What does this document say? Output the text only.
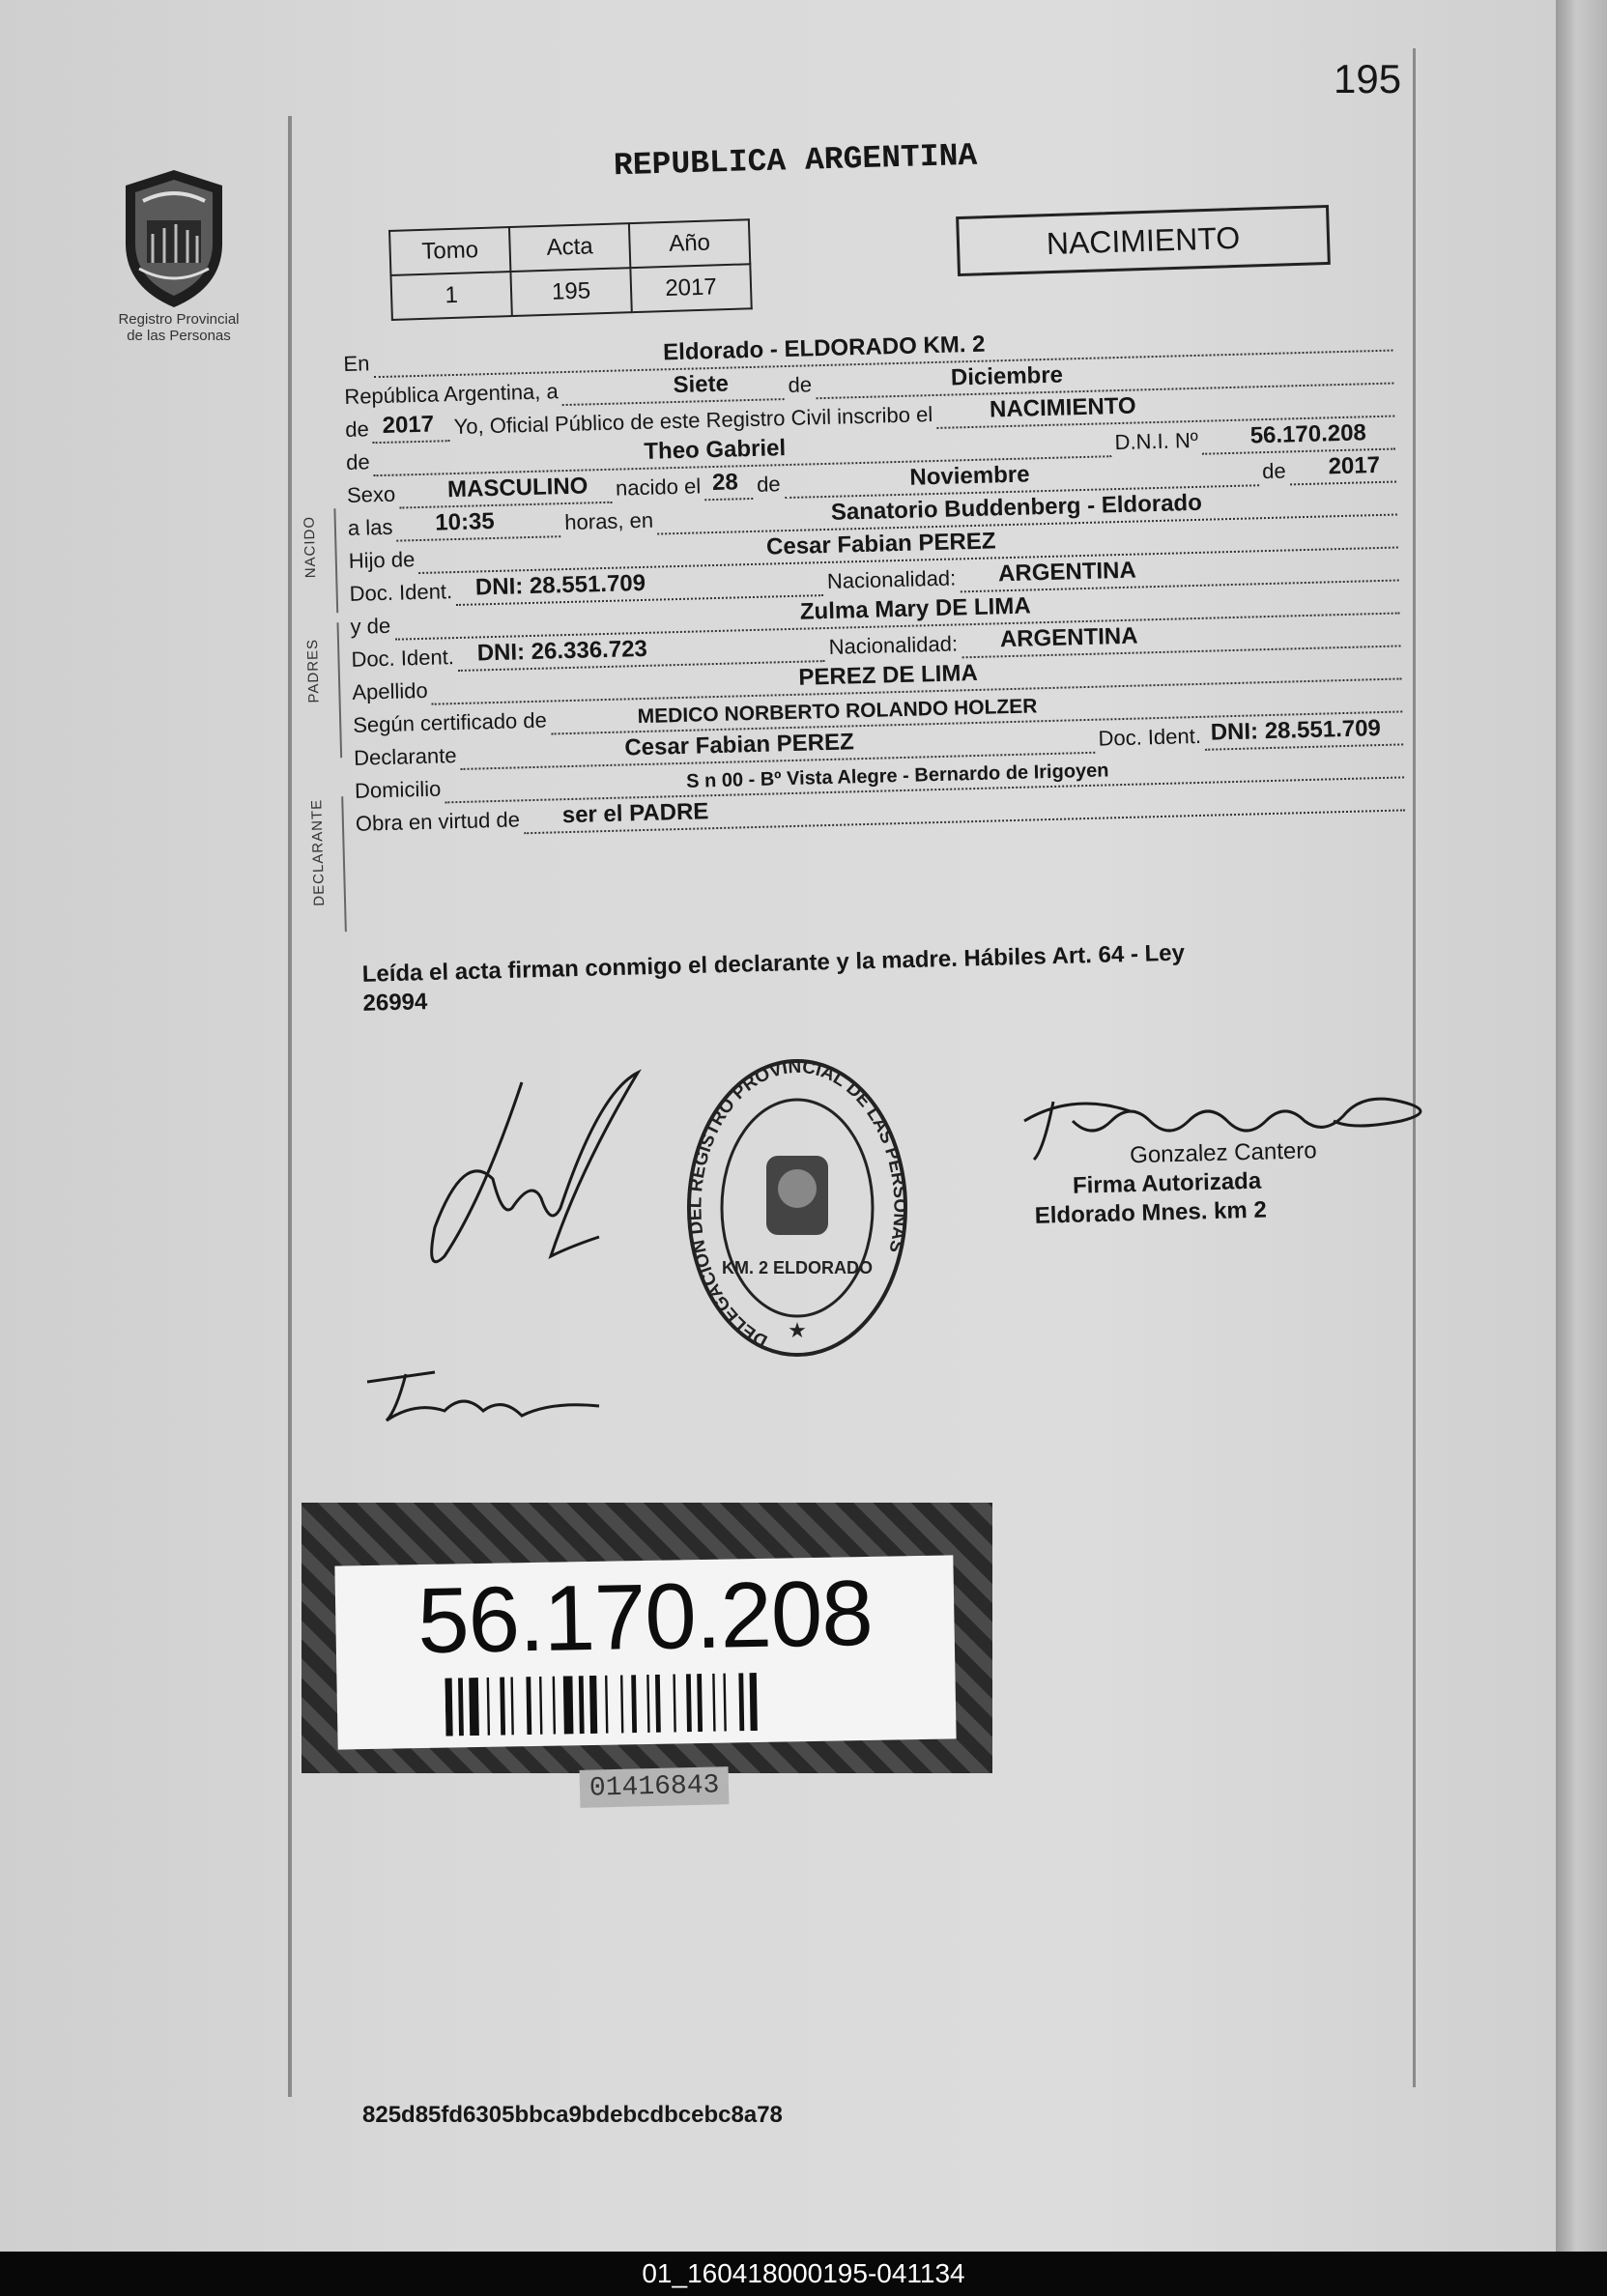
195
Registro Provincial
de las Personas
REPUBLICA ARGENTINA
Tomo	Acta	Año
1	195	2017
NACIMIENTO
NACIDO
PADRES
DECLARANTE
En	Eldorado - ELDORADO KM. 2
República Argentina, a	Siete	de	Diciembre
de 2017 Yo, Oficial Público de este Registro Civil inscribo el NACIMIENTO
de	Theo Gabriel	D.N.I. Nº 56.170.208
Sexo MASCULINO nacido el 28 de	Noviembre	de 2017
a las 10:35	horas, en	Sanatorio Buddenberg - Eldorado
Hijo de	Cesar Fabian PEREZ
Doc. Ident. DNI: 28.551.709	Nacionalidad: ARGENTINA
y de
Zulma Mary DE LIMA
Doc. Ident. DNI: 26.336.723	Nacionalidad: ARGENTINA
Apellido
PEREZ DE LIMA
Según certificado de	MEDICO NORBERTO ROLANDO HOLZER
Declarante	Cesar Fabian PEREZ	Doc. Ident. DNI: 28.551.709
Domicilio	S n 00 - Bº Vista Alegre - Bernardo de Irigoyen
Obra en virtud de ser el PADRE
Leída el acta firman conmigo el declarante y la madre. Hábiles Art. 64 - Ley
26994
DELEGACION DEL REGISTRO PROVINCIAL DE LAS PERSONAS
KM. 2 ELDORADO
★
Gonzalez Cantero
Firma Autorizada
Eldorado Mnes. km 2
56.170.208
01416843
825d85fd6305bbca9bdebcdbcebc8a78
01_160418000195-041134
